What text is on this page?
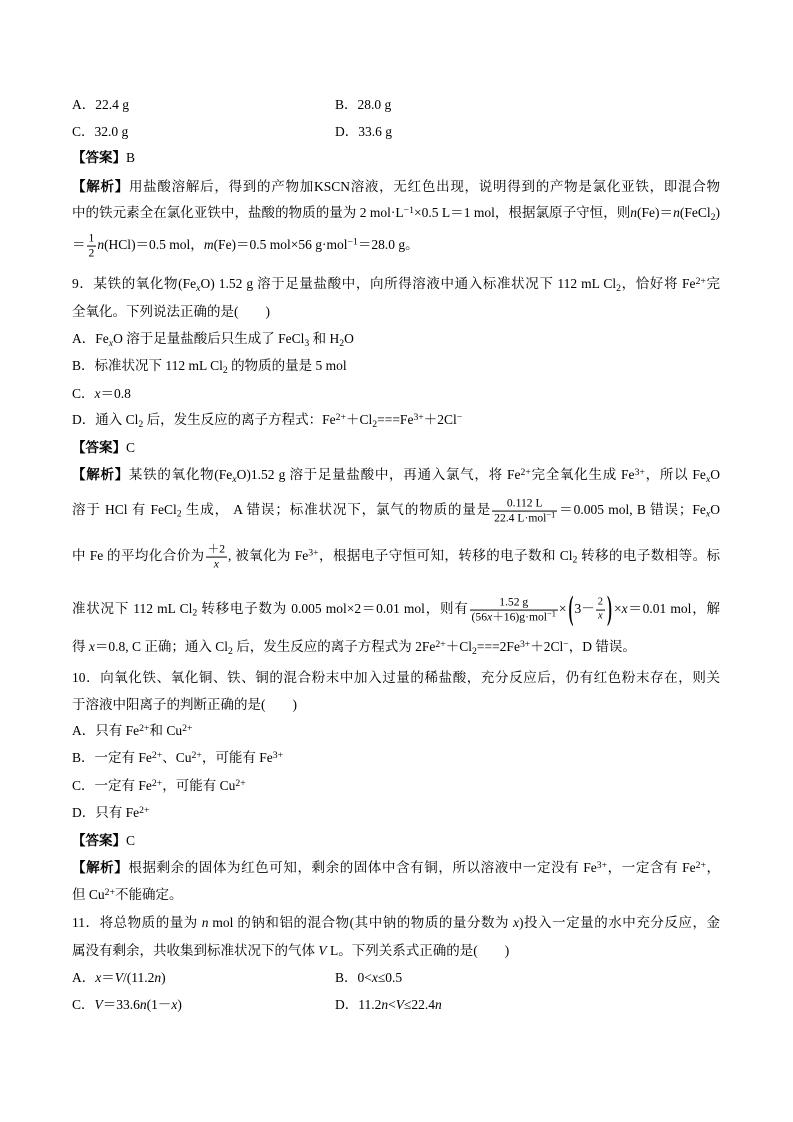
A．22.4 g	B．28.0 g
C．32.0 g	D．33.6 g
【答案】B
【解析】用盐酸溶解后，得到的产物加KSCN溶液，无红色出现，说明得到的产物是氯化亚铁，即混合物
中的铁元素全在氯化亚铁中，盐酸的物质的量为 2 $mol\cdot L^{-1}\times 0.5$ L＝1 mol，根据氯原子守恒，则n(Fe)＝n(FeCl$_2$)
＝ $\frac{1}{2} n(HCl)=0.5$ mol，m(Fe)＝0.5 mol×56 g·mol$^{-1}$＝28.0 g。
9．某铁的氧化物$(Fe_xO)$ 1.52 g 溶于足量盐酸中，向所得溶液中通入标准状况下 112 mL $Cl_2$，恰好将 $Fe^{2+}$完
全氧化。下列说法正确的是(　　)
A．$Fe_xO$ 溶于足量盐酸后只生成了 FeCl$_3$ 和 $H_2O$
B．标准状况下 112 mL $Cl_2$ 的物质的量是 5 mol
C．x＝0.8
D．通入 $Cl_2$ 后，发生反应的离子方程式：$Fe^{2+}+Cl_2===Fe^{3+}+2Cl^-$
【答案】C
【解析】某铁的氧化物$(Fe_xO)1.52$ g 溶于足量盐酸中，再通入氯气，将 $Fe^{2+}$完全氧化生成 $Fe^{3+}$，所以 $Fe_xO$
溶于 HCl 有 FeCl$_2$ 生成， A 错误；标准状况下，氯气的物质的量是 $\frac{0.112 L}{22.4 L\cdot mol^{-1}} =0.005$ mol, B 错误；$Fe_xO$
中 Fe 的平均化合价为 $\frac{+2}{x}$ , 被氧化为 $Fe^{3+}$，根据电子守恒可知，转移的电子数和 $Cl_2$ 转移的电子数相等。标
准状况下 112 mL $Cl_2$ 转移电子数为 0.005 mol×2＝0.01 mol，则有 $\frac{1.52 g}{(56x+16)g\cdot mol^{-1}} \times (3- \frac{2}{x}$ ) ×x＝0.01 mol，解
得 x＝0.8, C 正确；通入 $Cl_2$ 后，发生反应的离子方程式为 $2Fe^{2+}+Cl_2===2Fe^{3+}+2Cl^-$，D 错误。
10．向氧化铁、氧化铜、铁、铜的混合粉末中加入过量的稀盐酸，充分反应后，仍有红色粉末存在，则关
于溶液中阳离子的判断正确的是(　　)
A．只有 $Fe^{2+}$和 $Cu^{2+}$
B．一定有 $Fe^{2+}$、$Cu^{2+}$，可能有 $Fe^{3+}$
C．一定有 $Fe^{2+}$，可能有 $Cu^{2+}$
D．只有 $Fe^{2+}$
【答案】C
【解析】根据剩余的固体为红色可知，剩余的固体中含有铜，所以溶液中一定没有 $Fe^{3+}$，一定含有 $Fe^{2+}$，
但 $Cu^{2+}$不能确定。
11．将总物质的量为 n mol 的钠和铝的混合物(其中钠的物质的量分数为 x)投入一定量的水中充分反应，金
属没有剩余，共收集到标准状况下的气体 V L。下列关系式正确的是(　　)
A．x＝V/(11.2n)	B．0<x≤0.5
C．V＝33.6n(1－x)	D．11.2n<V≤22.4n
